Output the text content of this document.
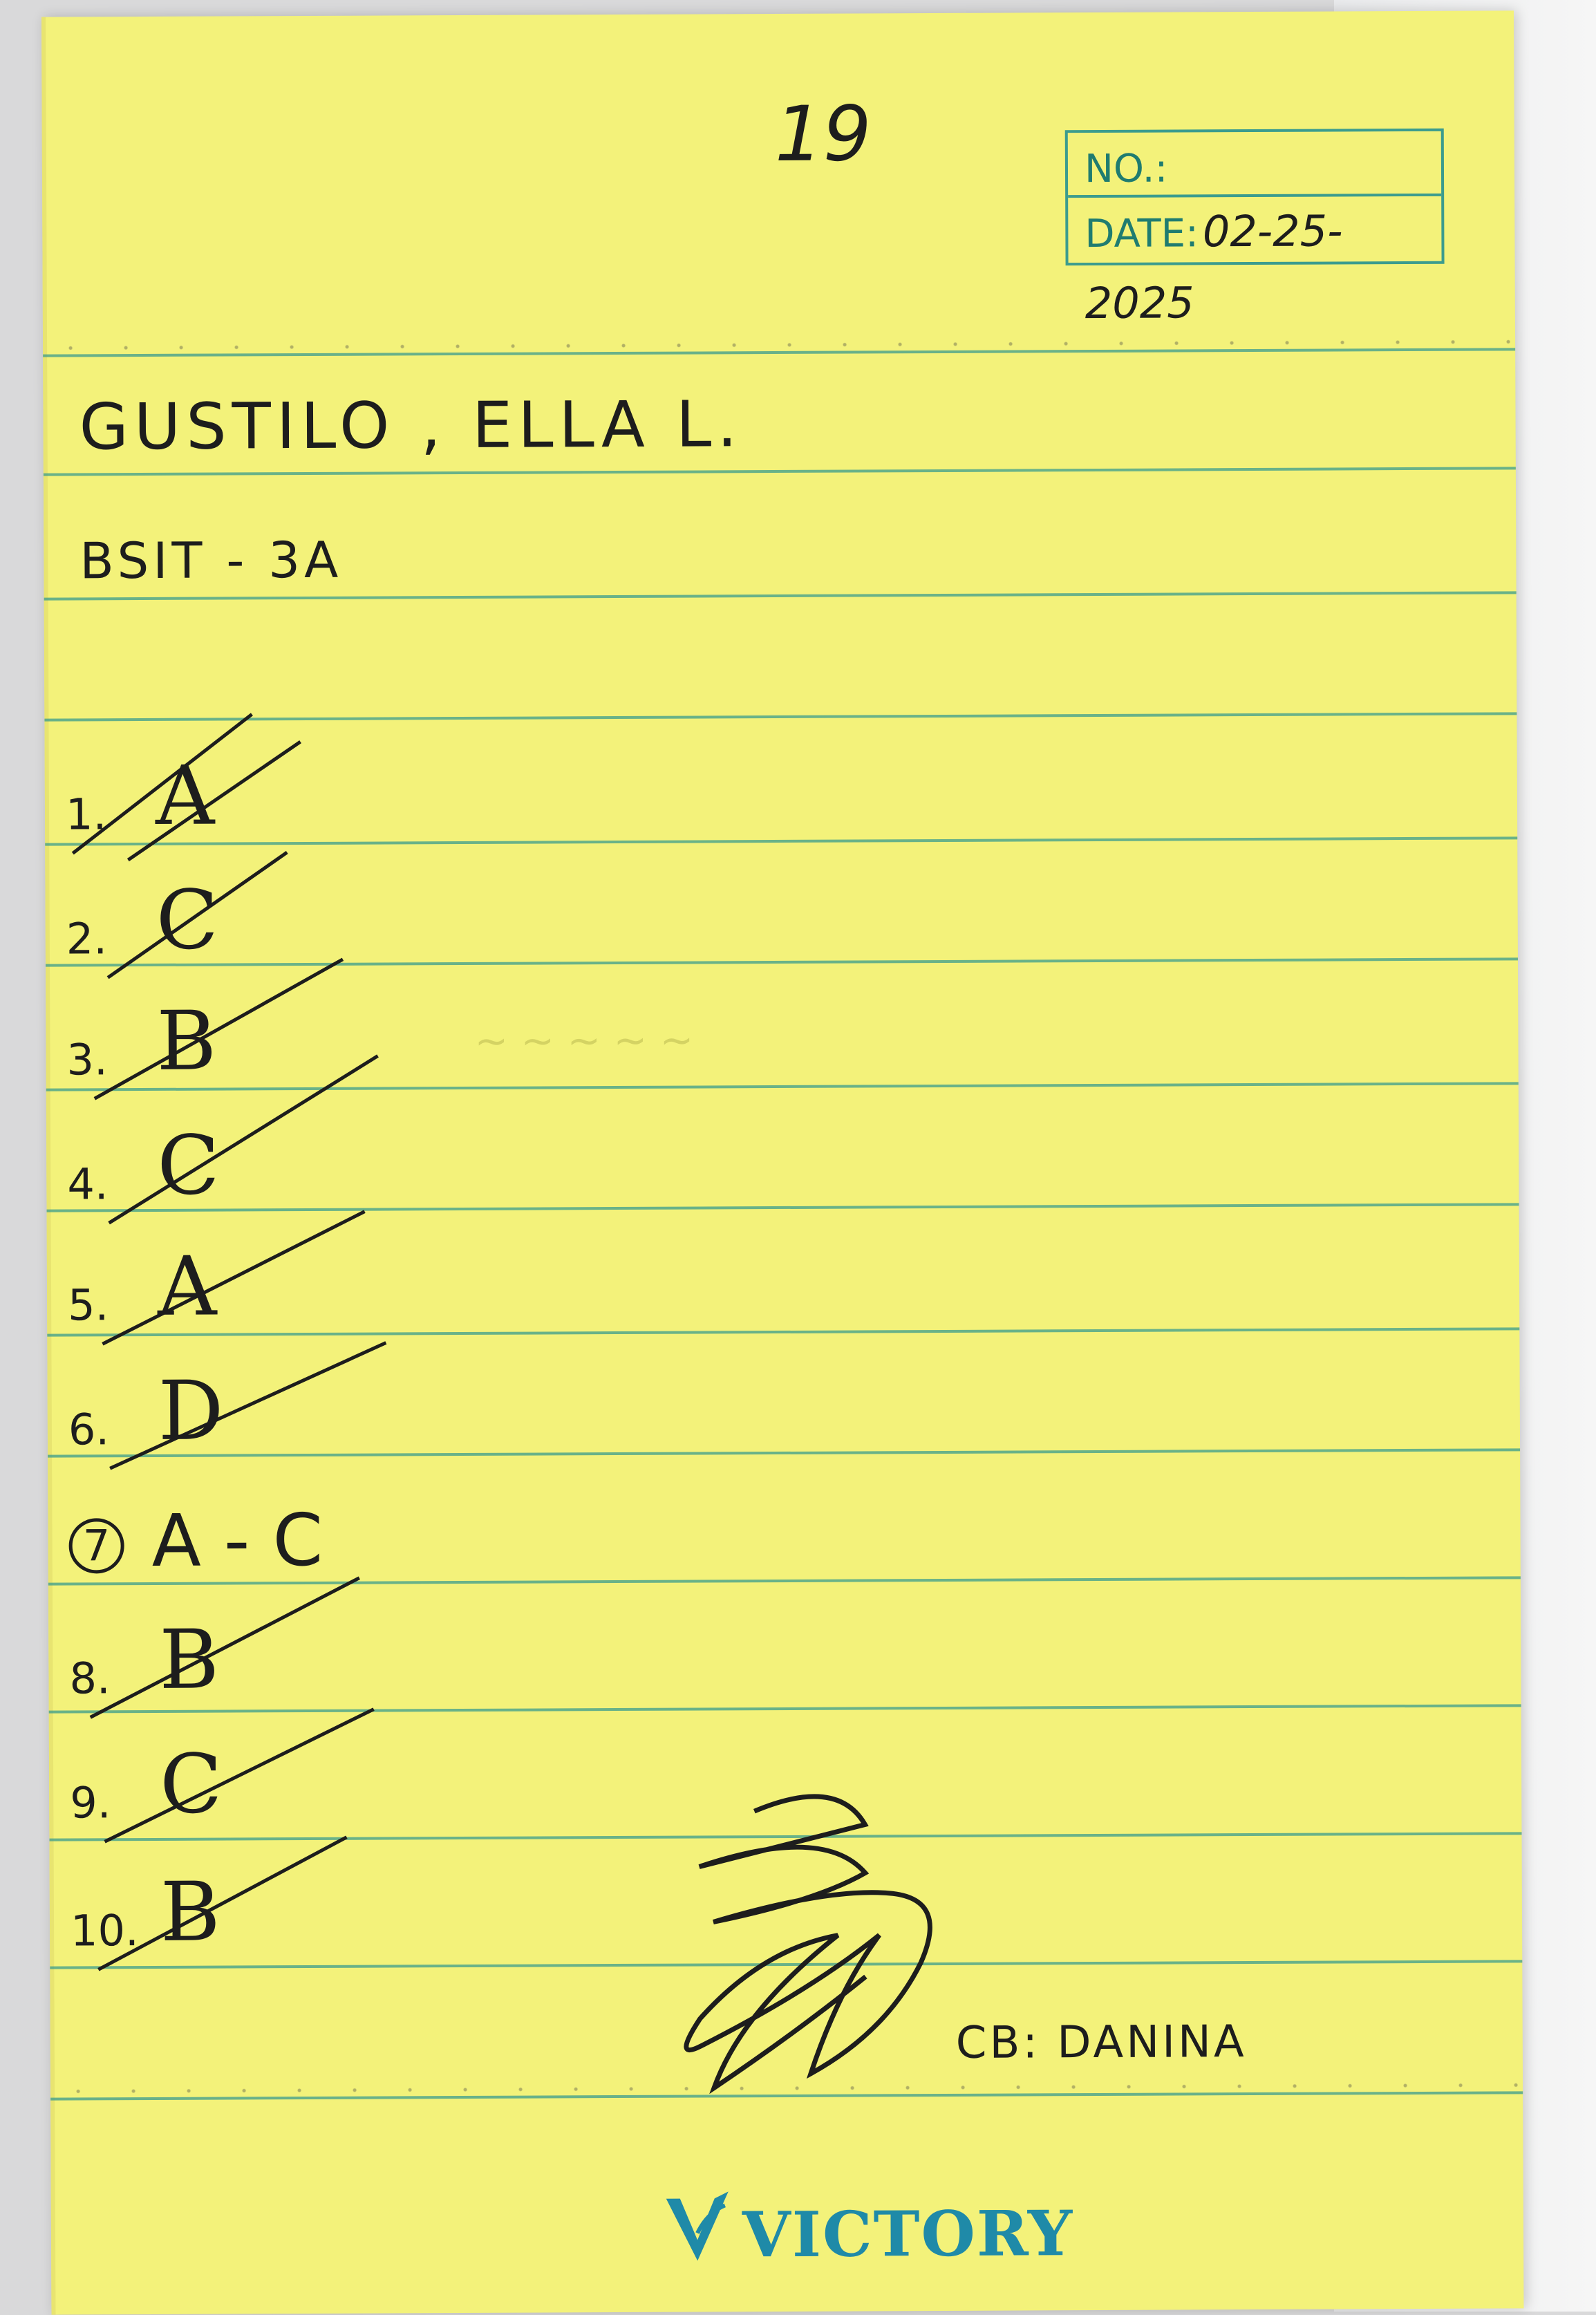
~ ~ ~ ~ ~
19	NO.:
DATE:02-25-2025
GUSTILO , ELLA L.
BSIT - 3A
1. A
2. C
3. B
4. C
5. A
6. D
7 A - C
8. B
9. C
10. B
CB: DANINA
VICTORY
